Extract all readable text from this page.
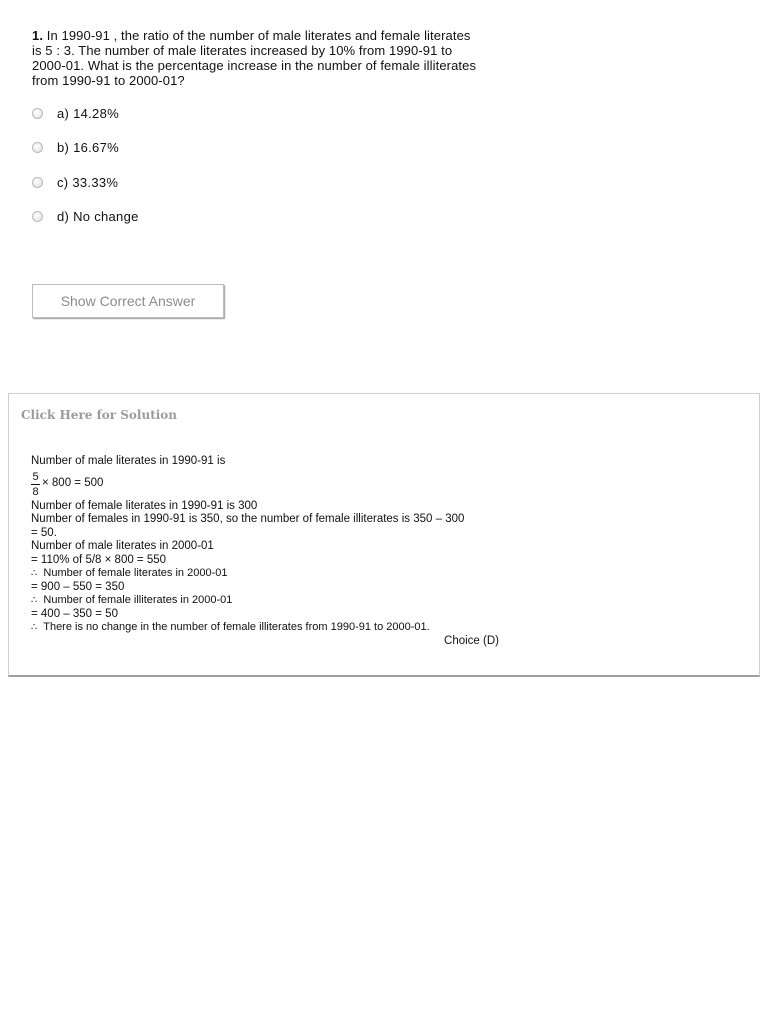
1. In 1990-91 , the ratio of the number of male literates and female literates is 5 : 3. The number of male literates increased by 10% from 1990-91 to 2000-01. What is the percentage increase in the number of female illiterates from 1990-91 to 2000-01?
a) 14.28%
b) 16.67%
c) 33.33%
d) No change
Show Correct Answer
Click Here for Solution
Number of male literates in 1990-91 is
$\frac{5}{8} \times 800 = 500$
Number of female literates in 1990-91 is 300
Number of females in 1990-91 is 350, so the number of female illiterates is 350 – 300
= 50.
Number of male literates in 2000-01
= 110% of 5/8 × 800 = 550
∴ Number of female literates in 2000-01
= 900 – 550 = 350
∴ Number of female illiterates in 2000-01
= 400 – 350 = 50
∴ There is no change in the number of female illiterates from 1990-91 to 2000-01.
Choice (D)
